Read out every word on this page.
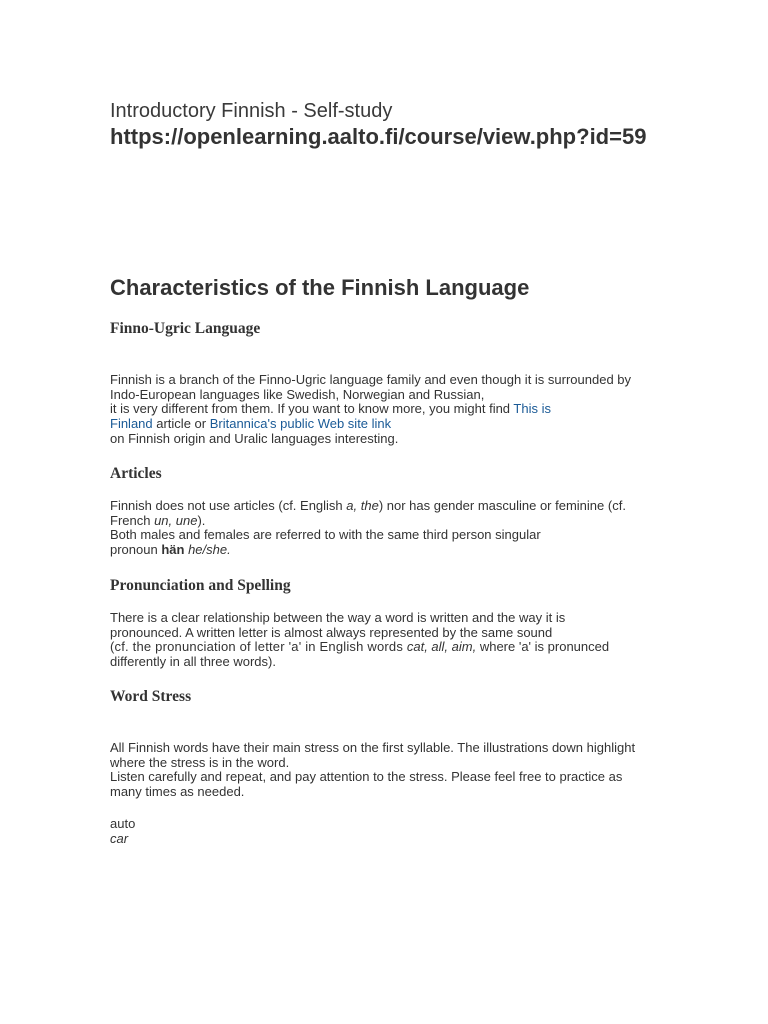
Introductory Finnish - Self-study
https://openlearning.aalto.fi/course/view.php?id=59
Characteristics of the Finnish Language
Finno-Ugric Language
Finnish is a branch of the Finno-Ugric language family and even though it is surrounded by
Indo-European languages like Swedish, Norwegian and Russian,
it is very different from them. If you want to know more, you might find This is
Finland article or Britannica's public Web site link
on Finnish origin and Uralic languages interesting.
Articles
Finnish does not use articles (cf. English a, the) nor has gender masculine or feminine (cf.
French un, une).
Both males and females are referred to with the same third person singular
pronoun hän he/she.
Pronunciation and Spelling
There is a clear relationship between the way a word is written and the way it is
pronounced. A written letter is almost always represented by the same sound
(cf. the pronunciation of letter 'a' in English words cat, all, aim, where 'a' is pronunced
differently in all three words).
Word Stress
All Finnish words have their main stress on the first syllable. The illustrations down highlight
where the stress is in the word.
Listen carefully and repeat, and pay attention to the stress. Please feel free to practice as
many times as needed.
auto
car
